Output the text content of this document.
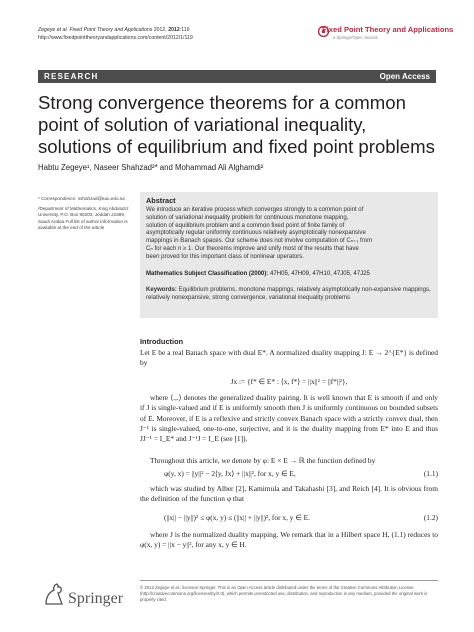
Zegeye et al. Fixed Point Theory and Applications 2012, 2012:119
http://www.fixedpointtheoryandapplications.com/content/2012/1/119
Fixed Point Theory and Applications
a SpringerOpen Journal
RESEARCH	Open Access
Strong convergence theorems for a common
point of solution of variational inequality,
solutions of equilibrium and fixed point problems
Habtu Zegeye¹, Naseer Shahzad²* and Mohammad Ali Alghamdi²

* Correspondence: nshahzad@kau.edu.sa

²Department of Mathematics, King Abdulaziz University, P.O. Box 80203, Jeddah 21589, Saudi Arabia Full list of author information is available at the end of the article

Abstract
We introduce an iterative process which converges strongly to a common point of
solution of variational inequality problem for continuous monotone mapping,
solution of equilibrium problem and a common fixed point of finite family of
asymptotically regular uniformly continuous relatively asymptotically nonexpansive
mappings in Banach spaces. Our scheme does not involve computation of Cₙ₊₁ from
Cₙ for each n ≥ 1. Our theorems improve and unify most of the results that have
been proved for this important class of nonlinear operators.
Mathematics Subject Classification (2000): 47H05, 47H09, 47H10, 47J05, 47J25
Keywords: Equilibrium problems, monotone mappings, relatively asymptotically non-expansive mappings, relatively nonexpansive, strong convergence, variational inequality problems
Introduction
Let E be a real Banach space with dual E*. A normalized duality mapping J: E → 2^{E*} is defined by
Jx := {f* ∈ E* : ⟨x, f*⟩ = ||x||² = ||f*||²},
where ⟨.,.⟩ denotes the generalized duality pairing. It is well known that E is smooth if and only if J is single-valued and if E is uniformly smooth then J is uniformly continuous on bounded subsets of E. Moreover, if E is a reflexive and strictly convex Banach space with a strictly convex dual, then J⁻¹ is single-valued, one-to-one, surjective, and it is the duality mapping from E* into E and thus JJ⁻¹ = I_E* and J⁻¹J = I_E (see [1]).
Throughout this article, we denote by φ: E × E → ℝ the function defined by
φ(y, x) = ||y||² − 2⟨y, Jx⟩ + ||x||², for x, y ∈ E,	(1.1)
which was studied by Alber [2], Kamimula and Takahashi [3], and Reich [4]. It is obvious from the definition of the function φ that
(||x|| − ||y||)² ≤ φ(x, y) ≤ (||x|| + ||y||)², for x, y ∈ E.	(1.2)
where J is the normalized duality mapping. We remark that in a Hilbert space H, (1.1) reduces to φ(x, y) = ||x − y||², for any x, y ∈ H.
© 2012 Zegeye et al.; licensee Springer. This is an Open Access article distributed under the terms of the Creative Commons Attribution License (http://creativecommons.org/licenses/by/2.0), which permits unrestricted use, distribution, and reproduction in any medium, provided the original work is properly cited.
Springer
